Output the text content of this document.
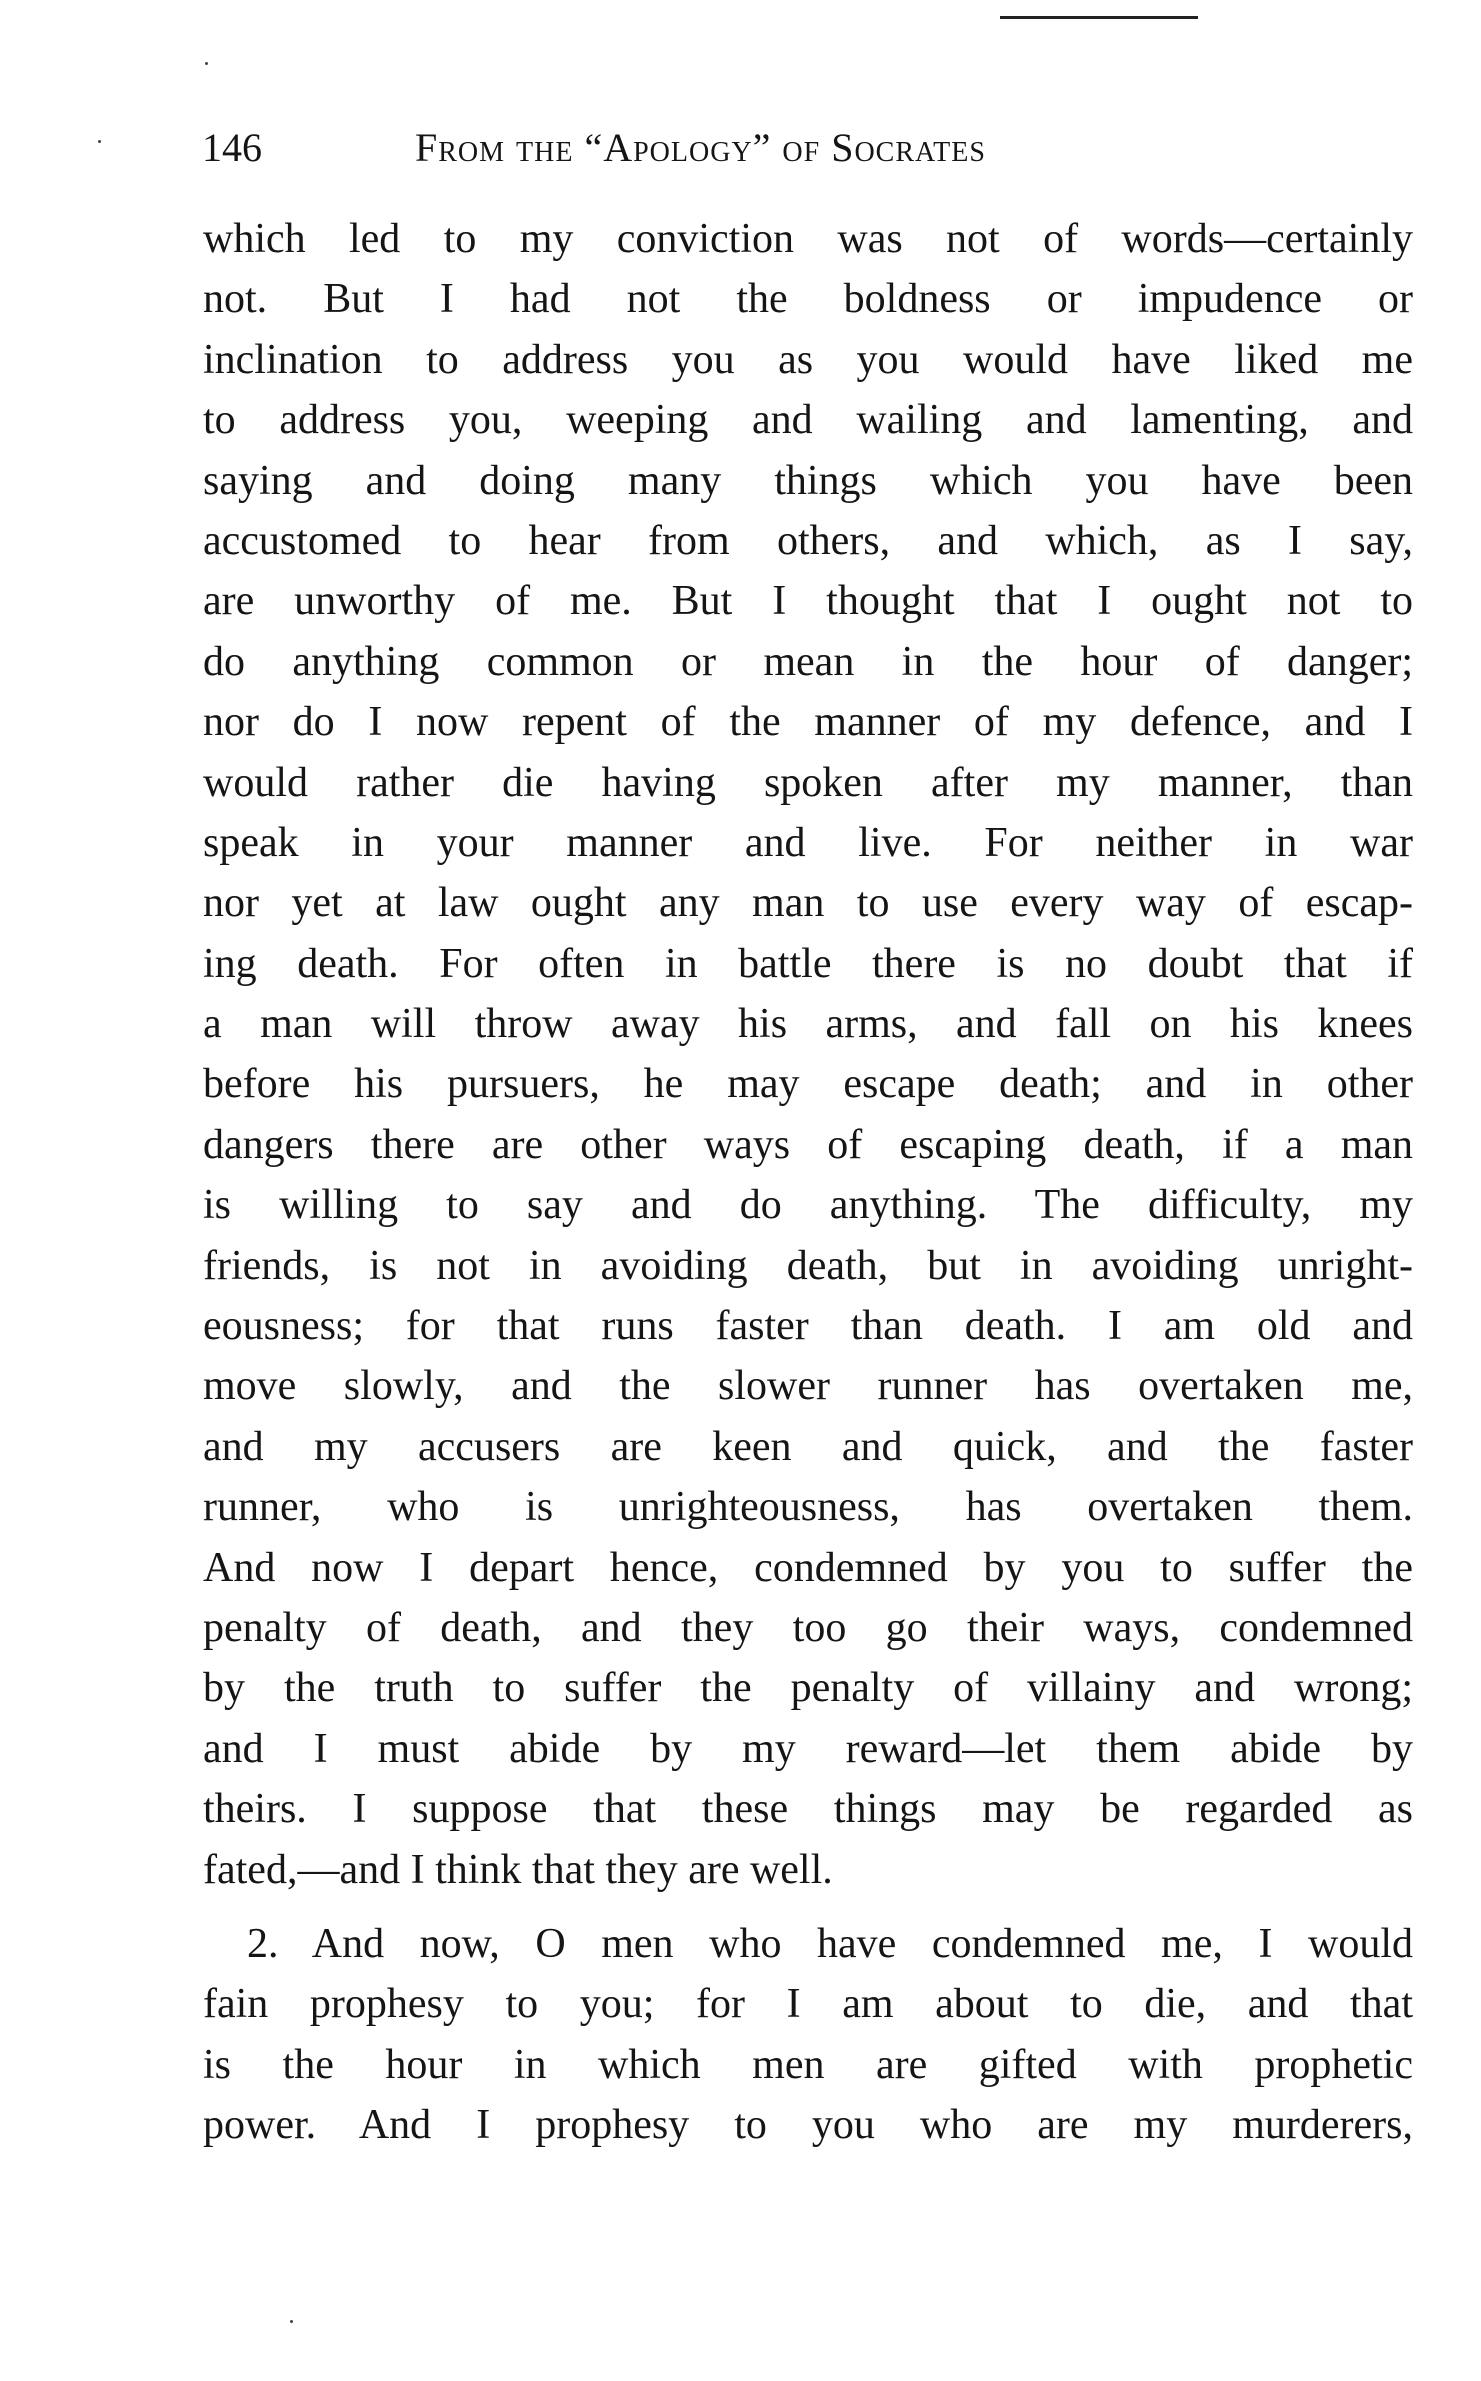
146	From the “Apology” of Socrates
which led to my conviction was not of words—certainly
not. But I had not the boldness or impudence or
inclination to address you as you would have liked me
to address you, weeping and wailing and lamenting, and
saying and doing many things which you have been
accustomed to hear from others, and which, as I say,
are unworthy of me. But I thought that I ought not to
do anything common or mean in the hour of danger;
nor do I now repent of the manner of my defence, and I
would rather die having spoken after my manner, than
speak in your manner and live. For neither in war
nor yet at law ought any man to use every way of escap-
ing death. For often in battle there is no doubt that if
a man will throw away his arms, and fall on his knees
before his pursuers, he may escape death; and in other
dangers there are other ways of escaping death, if a man
is willing to say and do anything. The difficulty, my
friends, is not in avoiding death, but in avoiding unright-
eousness; for that runs faster than death. I am old and
move slowly, and the slower runner has overtaken me,
and my accusers are keen and quick, and the faster
runner, who is unrighteousness, has overtaken them.
And now I depart hence, condemned by you to suffer the
penalty of death, and they too go their ways, condemned
by the truth to suffer the penalty of villainy and wrong;
and I must abide by my reward—let them abide by
theirs. I suppose that these things may be regarded as
fated,—and I think that they are well.
2. And now, O men who have condemned me, I would
fain prophesy to you; for I am about to die, and that
is the hour in which men are gifted with prophetic
power. And I prophesy to you who are my murderers,
